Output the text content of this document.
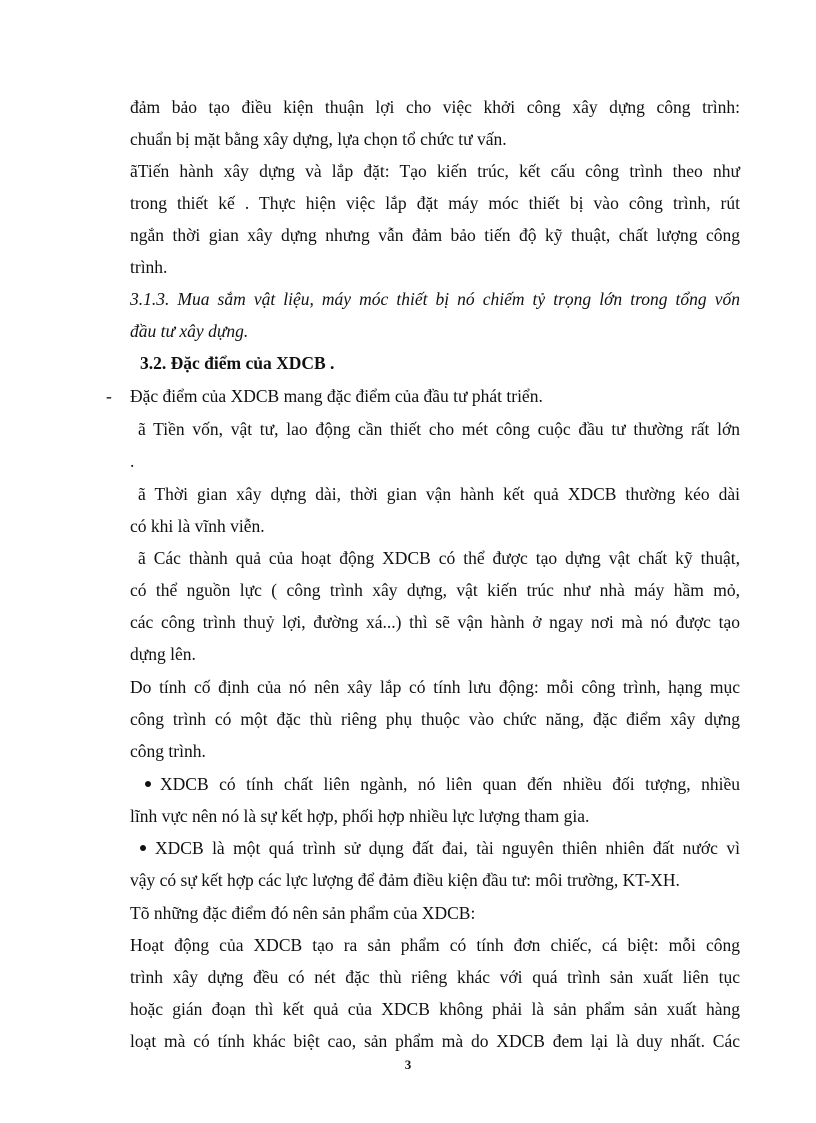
đảm bảo tạo điều kiện thuận lợi cho việc khởi công xây dựng công trình:
chuẩn bị mặt bằng xây dựng, lựa chọn tổ chức tư vấn.
ãTiến hành xây dựng và lắp đặt: Tạo kiến trúc, kết cấu công trình theo như
trong thiết kế . Thực hiện việc lắp đặt máy móc thiết bị vào công trình, rút
ngắn thời gian xây dựng nhưng vẫn đảm bảo tiến độ kỹ thuật, chất lượng công
trình.
3.1.3. Mua sắm vật liệu, máy móc thiết bị nó chiếm tỷ trọng lớn trong tổng vốn
đầu tư xây dựng.
3.2. Đặc điểm của XDCB .
- Đặc điểm của XDCB mang đặc điểm của đầu tư phát triển.
ã Tiền vốn, vật tư, lao động cần thiết cho mét công cuộc đầu tư thường rất lớn
.
ã Thời gian xây dựng dài, thời gian vận hành kết quả XDCB thường kéo dài
có khi là vĩnh viễn.
ã Các thành quả của hoạt động XDCB có thể được tạo dựng vật chất kỹ thuật,
có thể nguồn lực ( công trình xây dựng, vật kiến trúc như nhà máy hầm mỏ,
các công trình thuỷ lợi, đường xá...) thì sẽ vận hành ở ngay nơi mà nó được tạo
dựng lên.
Do tính cố định của nó nên xây lắp có tính lưu động: mỗi công trình, hạng mục
công trình có một đặc thù riêng phụ thuộc vào chức năng, đặc điểm xây dựng
công trình.
XDCB có tính chất liên ngành, nó liên quan đến nhiều đối tượng, nhiều
lĩnh vực nên nó là sự kết hợp, phối hợp nhiều lực lượng tham gia.
XDCB là một quá trình sử dụng đất đai, tài nguyên thiên nhiên đất nước vì
vậy có sự kết hợp các lực lượng để đảm điều kiện đầu tư: môi trường, KT-XH.
Tõ những đặc điểm đó nên sản phẩm của XDCB:
Hoạt động của XDCB tạo ra sản phẩm có tính đơn chiếc, cá biệt: mỗi công
trình xây dựng đều có nét đặc thù riêng khác với quá trình sản xuất liên tục
hoặc gián đoạn thì kết quả của XDCB không phải là sản phẩm sản xuất hàng
loạt mà có tính khác biệt cao, sản phẩm mà do XDCB đem lại là duy nhất. Các
3
